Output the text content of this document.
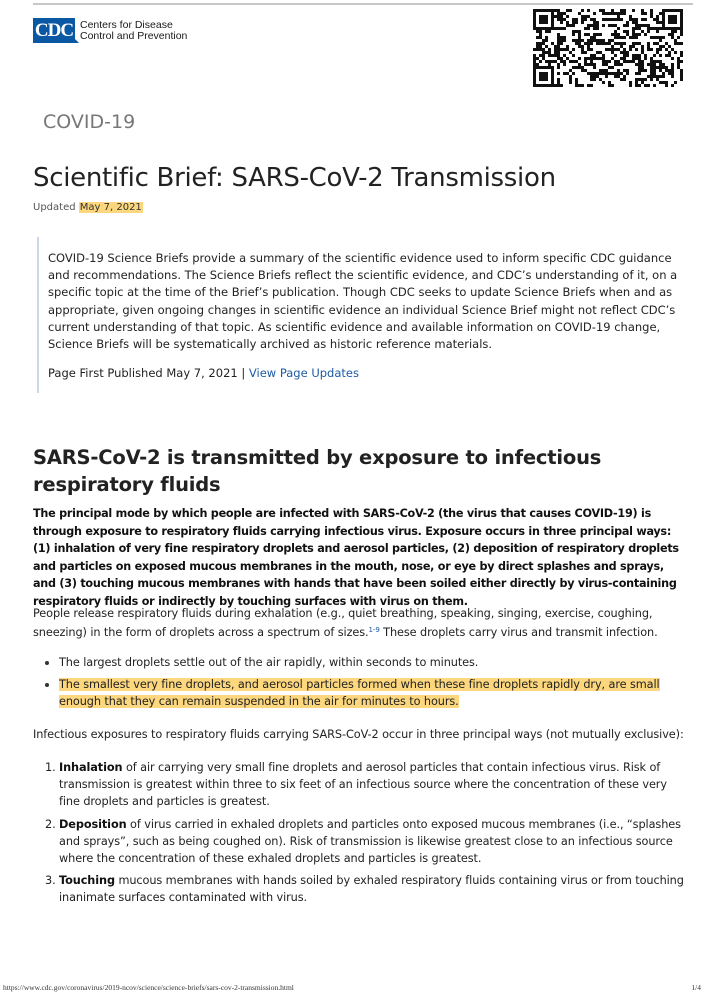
CDC Centers for Disease
Control and Prevention
COVID-19
Scientific Brief: SARS-CoV-2 Transmission
Updated May 7, 2021

COVID-19 Science Briefs provide a summary of the scientific evidence used to inform specific CDC guidance and recommendations. The Science Briefs reflect the scientific evidence, and CDC’s understanding of it, on a specific topic at the time of the Brief’s publication. Though CDC seeks to update Science Briefs when and as appropriate, given ongoing changes in scientific evidence an individual Science Brief might not reflect CDC’s current understanding of that topic. As scientific evidence and available information on COVID-19 change, Science Briefs will be systematically archived as historic reference materials.

Page First Published May 7, 2021 | View Page Updates
SARS-CoV-2 is transmitted by exposure to infectious respiratory fluids

The principal mode by which people are infected with SARS-CoV-2 (the virus that causes COVID-19) is through exposure to respiratory fluids carrying infectious virus. Exposure occurs in three principal ways: (1) inhalation of very fine respiratory droplets and aerosol particles, (2) deposition of respiratory droplets and particles on exposed mucous membranes in the mouth, nose, or eye by direct splashes and sprays, and (3) touching mucous membranes with hands that have been soiled either directly by virus-containing respiratory fluids or indirectly by touching surfaces with virus on them.

People release respiratory fluids during exhalation (e.g., quiet breathing, speaking, singing, exercise, coughing, sneezing) in the form of droplets across a spectrum of sizes.$^{1-9}$ These droplets carry virus and transmit infection.

The largest droplets settle out of the air rapidly, within seconds to minutes.
The smallest very fine droplets, and aerosol particles formed when these fine droplets rapidly dry, are small enough that they can remain suspended in the air for minutes to hours.

Infectious exposures to respiratory fluids carrying SARS-CoV-2 occur in three principal ways (not mutually exclusive):

1. Inhalation of air carrying very small fine droplets and aerosol particles that contain infectious virus. Risk of transmission is greatest within three to six feet of an infectious source where the concentration of these very fine droplets and particles is greatest.
2. Deposition of virus carried in exhaled droplets and particles onto exposed mucous membranes (i.e., “splashes and sprays”, such as being coughed on). Risk of transmission is likewise greatest close to an infectious source where the concentration of these exhaled droplets and particles is greatest.
3. Touching mucous membranes with hands soiled by exhaled respiratory fluids containing virus or from touching inanimate surfaces contaminated with virus.
https://www.cdc.gov/coronavirus/2019-ncov/science/science-briefs/sars-cov-2-transmission.html	1/4
